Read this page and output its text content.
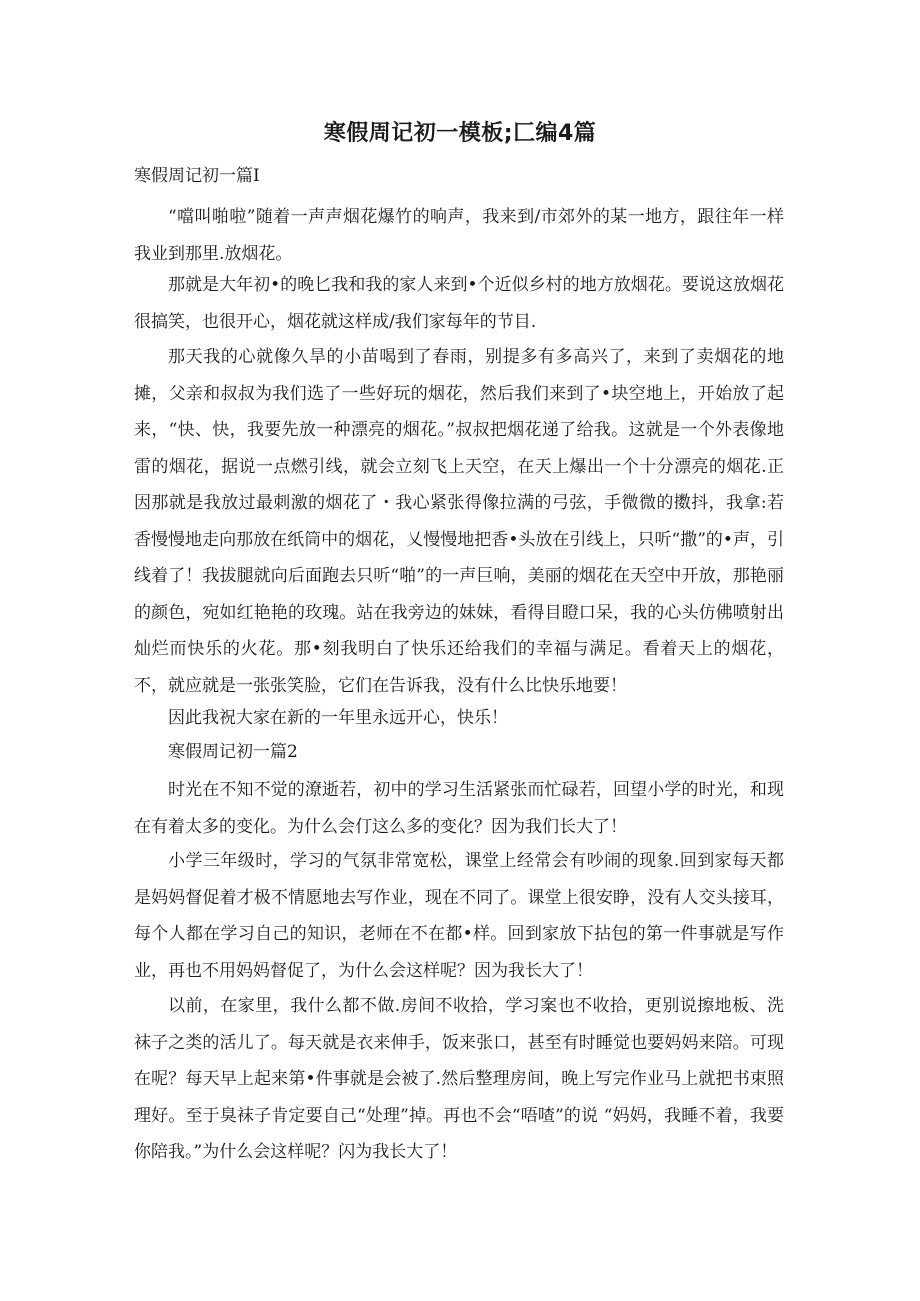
寒假周记初一模板;匚编4篇

寒假周记初一篇I

“噹叫啪啦”随着一声声烟花爆竹的响声，我来到/市郊外的某一地方，跟往年一样我业到那里.放烟花。

那就是大年初•的晚匕我和我的家人来到•个近似乡村的地方放烟花。要说这放烟花很搞笑，也很开心，烟花就这样成/我们家每年的节目.

那天我的心就像久旱的小苗喝到了春雨，别提多有多高兴了，来到了卖烟花的地摊，父亲和叔叔为我们选了一些好玩的烟花，然后我们来到了•块空地上，开始放了起来，“快、快，我要先放一种漂亮的烟花。”叔叔把烟花递了给我。这就是一个外表像地雷的烟花，据说一点燃引线，就会立刻飞上天空，在天上爆出一个十分漂亮的烟花.正因那就是我放过最刺激的烟花了・我心紧张得像拉满的弓弦，手微微的擞抖，我拿:若香慢慢地走向那放在纸筒中的烟花，乂慢慢地把香•头放在引线上，只听“撒”的•声，引线着了！我拔腿就向后面跑去只听“啪”的一声巨响，美丽的烟花在天空中开放，那艳丽的颜色，宛如红艳艳的玫瑰。站在我旁边的妹妹，看得目瞪口呆，我的心头仿佛喷射出灿烂而快乐的火花。那•刻我明白了快乐还给我们的幸福与满足。看着天上的烟花，不，就应就是一张张笑脸，它们在告诉我，没有什么比快乐地要！

因此我祝大家在新的一年里永远开心，快乐！

寒假周记初一篇2

时光在不知不觉的潦逝若，初中的学习生活紧张而忙碌若，回望小学的时光，和现在有着太多的变化。为什么会仃这么多的变化？因为我们长大了！

小学三年级时，学习的气氛非常宽松，课堂上经常会有吵闹的现象.回到家每天都是妈妈督促着才极不情愿地去写作业，现在不同了。课堂上很安睁，没有人交头接耳，每个人都在学习自己的知识，老师在不在都•样。回到家放下拈包的第一件事就是写作业，再也不用妈妈督促了，为什么会这样呢？因为我长大了！

以前，在家里，我什么都不做.房间不收拾，学习案也不收拾，更别说擦地板、洗袜子之类的活儿了。每天就是衣来伸手，饭来张口，甚至有时睡觉也要妈妈来陪。可现在呢？每天早上起来第•件事就是会被了.然后整理房间，晚上写完作业马上就把书束照理好。至于臭袜子肯定要自己“处理”掉。再也不会“唔喳”的说 “妈妈，我睡不着，我要你陪我。”为什么会这样呢？闪为我长大了！
